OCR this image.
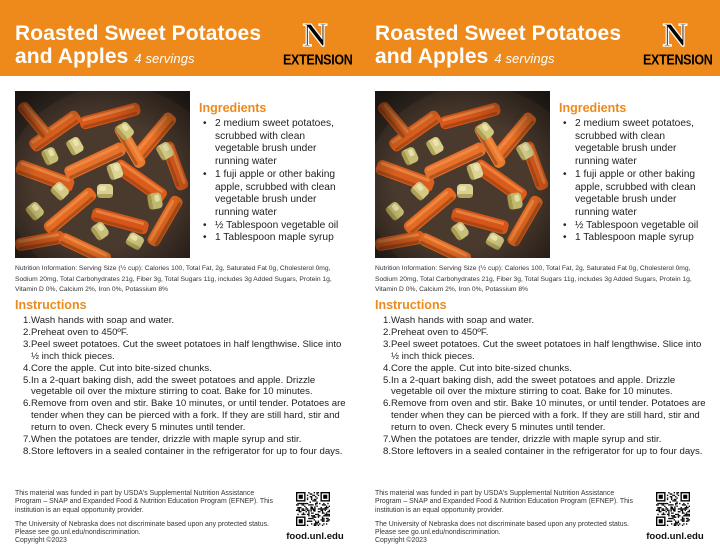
Roasted Sweet Potatoes
and Apples 4 servings
N
EXTENSION
Ingredients
• 2 medium sweet potatoes, scrubbed with clean vegetable brush under running water
• 1 fuji apple or other baking apple, scrubbed with clean vegetable brush under running water
• ½ Tablespoon vegetable oil
• 1 Tablespoon maple syrup
Nutrition Information: Serving Size (½ cup): Calories 100, Total Fat, 2g, Saturated Fat 0g, Cholesterol 0mg, Sodium 20mg, Total Carbohydrates 21g, Fiber 3g, Total Sugars 11g, includes 3g Added Sugars, Protein 1g, Vitamin D 0%, Calcium 2%, Iron 0%, Potassium 8%
Instructions
1. Wash hands with soap and water.
2. Preheat oven to 450ºF.
3. Peel sweet potatoes. Cut the sweet potatoes in half lengthwise. Slice into ½ inch thick pieces.
4. Core the apple. Cut into bite-sized chunks.
5. In a 2-quart baking dish, add the sweet potatoes and apple. Drizzle vegetable oil over the mixture stirring to coat. Bake for 10 minutes.
6. Remove from oven and stir. Bake 10 minutes, or until tender. Potatoes are tender when they can be pierced with a fork. If they are still hard, stir and return to oven. Check every 5 minutes until tender.
7. When the potatoes are tender, drizzle with maple syrup and stir.
8. Store leftovers in a sealed container in the refrigerator for up to four days.

This material was funded in part by USDA's Supplemental Nutrition Assistance Program – SNAP and Expanded Food & Nutrition Education Program (EFNEP). This institution is an equal opportunity provider.

The University of Nebraska does not discriminate based upon any protected status. Please see go.unl.edu/nondiscrimination.

Copyright ©2023	food.unl.edu
Roasted Sweet Potatoes
and Apples 4 servings
N
EXTENSION
Ingredients
• 2 medium sweet potatoes, scrubbed with clean vegetable brush under running water
• 1 fuji apple or other baking apple, scrubbed with clean vegetable brush under running water
• ½ Tablespoon vegetable oil
• 1 Tablespoon maple syrup
Nutrition Information: Serving Size (½ cup): Calories 100, Total Fat, 2g, Saturated Fat 0g, Cholesterol 0mg, Sodium 20mg, Total Carbohydrates 21g, Fiber 3g, Total Sugars 11g, includes 3g Added Sugars, Protein 1g, Vitamin D 0%, Calcium 2%, Iron 0%, Potassium 8%
Instructions
1. Wash hands with soap and water.
2. Preheat oven to 450ºF.
3. Peel sweet potatoes. Cut the sweet potatoes in half lengthwise. Slice into ½ inch thick pieces.
4. Core the apple. Cut into bite-sized chunks.
5. In a 2-quart baking dish, add the sweet potatoes and apple. Drizzle vegetable oil over the mixture stirring to coat. Bake for 10 minutes.
6. Remove from oven and stir. Bake 10 minutes, or until tender. Potatoes are tender when they can be pierced with a fork. If they are still hard, stir and return to oven. Check every 5 minutes until tender.
7. When the potatoes are tender, drizzle with maple syrup and stir.
8. Store leftovers in a sealed container in the refrigerator for up to four days.

This material was funded in part by USDA's Supplemental Nutrition Assistance Program – SNAP and Expanded Food & Nutrition Education Program (EFNEP). This institution is an equal opportunity provider.

The University of Nebraska does not discriminate based upon any protected status. Please see go.unl.edu/nondiscrimination.

Copyright ©2023	food.unl.edu
